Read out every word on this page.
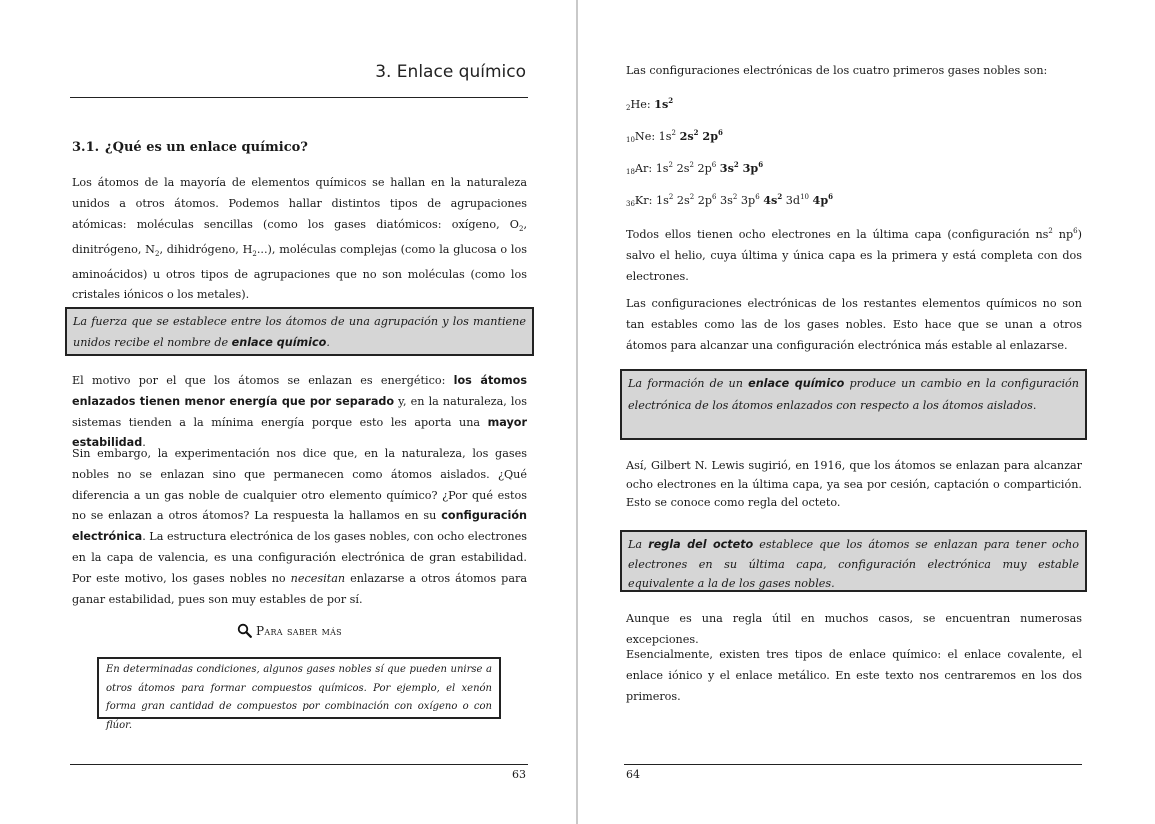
3. Enlace químico
3.1. ¿Qué es un enlace químico?
Los átomos de la mayoría de elementos químicos se hallan en la naturaleza unidos a otros átomos. Podemos hallar distintos tipos de agrupaciones atómicas: moléculas sencillas (como los gases diatómicos: oxígeno, $O_2$, dinitrógeno, $N_2$, dihidrógeno, $H_2$...), moléculas complejas (como la glucosa o los aminoácidos) u otros tipos de agrupaciones que no son moléculas (como los cristales iónicos o los metales).
La fuerza que se establece entre los átomos de una agrupación y los mantiene unidos recibe el nombre de enlace químico.
El motivo por el que los átomos se enlazan es energético: los átomos enlazados tienen menor energía que por separado y, en la naturaleza, los sistemas tienden a la mínima energía porque esto les aporta una mayor estabilidad.
Sin embargo, la experimentación nos dice que, en la naturaleza, los gases nobles no se enlazan sino que permanecen como átomos aislados. ¿Qué diferencia a un gas noble de cualquier otro elemento químico? ¿Por qué estos no se enlazan a otros átomos? La respuesta la hallamos en su configuración electrónica. La estructura electrónica de los gases nobles, con ocho electrones en la capa de valencia, es una configuración electrónica de gran estabilidad. Por este motivo, los gases nobles no necesitan enlazarse a otros átomos para ganar estabilidad, pues son muy estables de por sí.
Para saber más
En determinadas condiciones, algunos gases nobles sí que pueden unirse a otros átomos para formar compuestos químicos. Por ejemplo, el xenón forma gran cantidad de compuestos por combinación con oxígeno o con flúor.
63
Las configuraciones electrónicas de los cuatro primeros gases nobles son:
$_2$He: $1s^2$
$_{10}$Ne: $1s^2$ $2s^2$ $2p^6$
$_{18}$Ar: $1s^2$ $2s^2$ $2p^6$ $3s^2$ $3p^6$
$_{36}$Kr: $1s^2$ $2s^2$ $2p^6$ $3s^2$ $3p^6$ $4s^2$ $3d^{10}$ $4p^6$
Todos ellos tienen ocho electrones en la última capa (configuración $ns^2$ $np^6$) salvo el helio, cuya última y única capa es la primera y está completa con dos electrones.
Las configuraciones electrónicas de los restantes elementos químicos no son tan estables como las de los gases nobles. Esto hace que se unan a otros átomos para alcanzar una configuración electrónica más estable al enlazarse.
La formación de un enlace químico produce un cambio en la configuración electrónica de los átomos enlazados con respecto a los átomos aislados.
Así, Gilbert N. Lewis sugirió, en 1916, que los átomos se enlazan para alcanzar ocho electrones en la última capa, ya sea por cesión, captación o compartición. Esto se conoce como regla del octeto.
La regla del octeto establece que los átomos se enlazan para tener ocho electrones en su última capa, configuración electrónica muy estable equivalente a la de los gases nobles.
Aunque es una regla útil en muchos casos, se encuentran numerosas excepciones.
Esencialmente, existen tres tipos de enlace químico: el enlace covalente, el enlace iónico y el enlace metálico. En este texto nos centraremos en los dos primeros.
64
